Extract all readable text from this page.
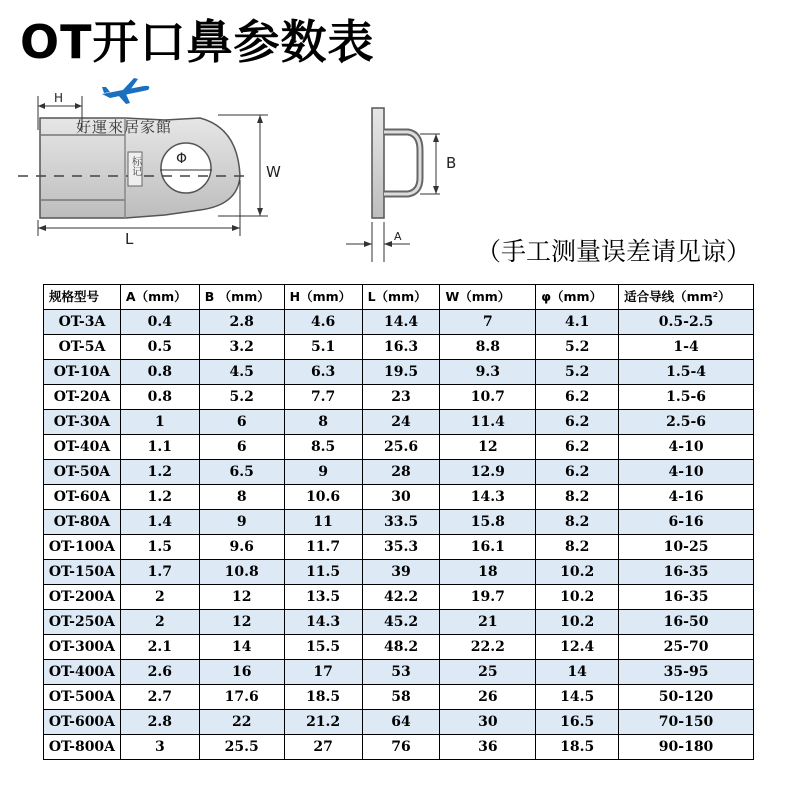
OT开口鼻参数表
标记	Φ
H
L
W	B
A
好運來居家館
（手工测量误差请见谅）
规格型号	A（mm）	B （mm）	H（mm）	L（mm）	W（mm）	φ（mm）	适合导线（mm²）
OT-3A	0.4	2.8	4.6	14.4	7	4.1	0.5-2.5
OT-5A	0.5	3.2	5.1	16.3	8.8	5.2	1-4
OT-10A	0.8	4.5	6.3	19.5	9.3	5.2	1.5-4
OT-20A	0.8	5.2	7.7	23	10.7	6.2	1.5-6
OT-30A	1	6	8	24	11.4	6.2	2.5-6
OT-40A	1.1	6	8.5	25.6	12	6.2	4-10
OT-50A	1.2	6.5	9	28	12.9	6.2	4-10
OT-60A	1.2	8	10.6	30	14.3	8.2	4-16
OT-80A	1.4	9	11	33.5	15.8	8.2	6-16
OT-100A	1.5	9.6	11.7	35.3	16.1	8.2	10-25
OT-150A	1.7	10.8	11.5	39	18	10.2	16-35
OT-200A	2	12	13.5	42.2	19.7	10.2	16-35
OT-250A	2	12	14.3	45.2	21	10.2	16-50
OT-300A	2.1	14	15.5	48.2	22.2	12.4	25-70
OT-400A	2.6	16	17	53	25	14	35-95
OT-500A	2.7	17.6	18.5	58	26	14.5	50-120
OT-600A	2.8	22	21.2	64	30	16.5	70-150
OT-800A	3	25.5	27	76	36	18.5	90-180
